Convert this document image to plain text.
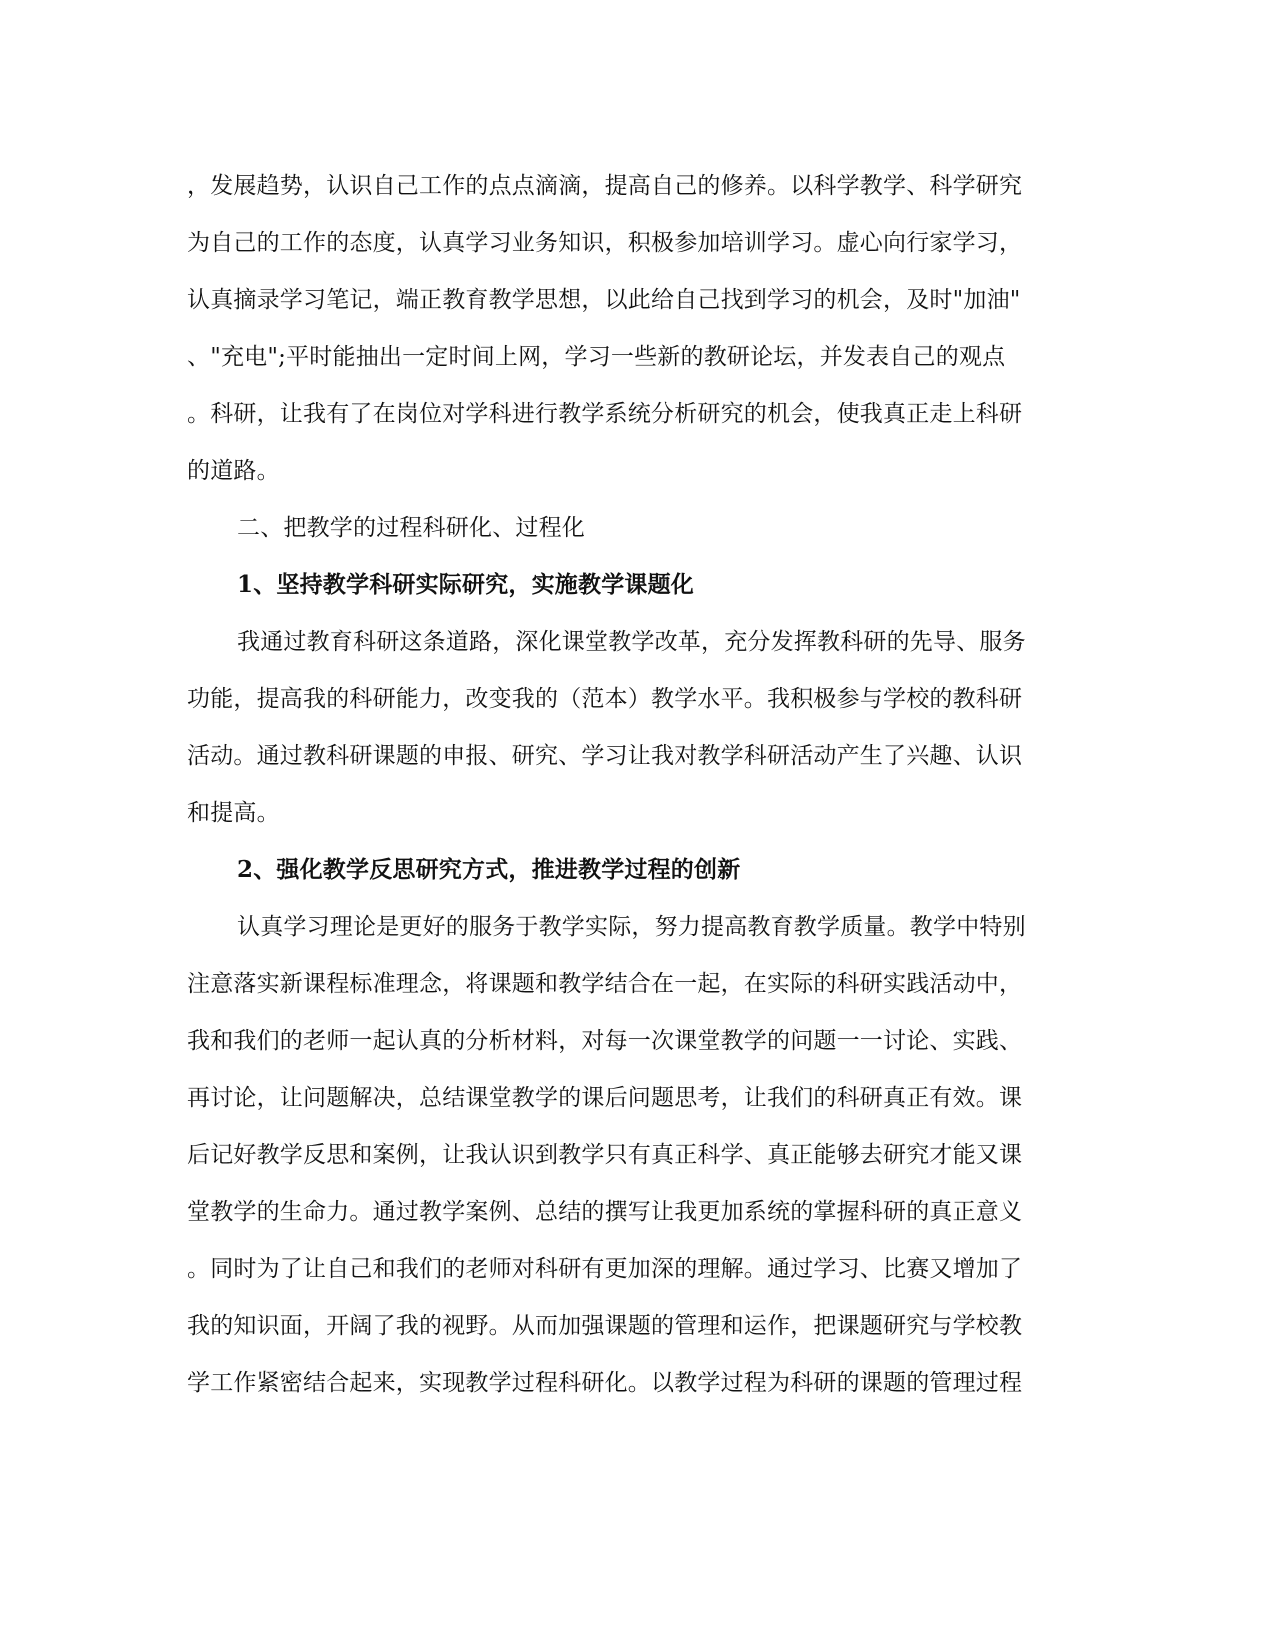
，发展趋势，认识自己工作的点点滴滴，提高自己的修养。以科学教学、科学研究
为自己的工作的态度，认真学习业务知识，积极参加培训学习。虚心向行家学习，
认真摘录学习笔记，端正教育教学思想，以此给自己找到学习的机会，及时"加油"
、"充电";平时能抽出一定时间上网，学习一些新的教研论坛，并发表自己的观点
。科研，让我有了在岗位对学科进行教学系统分析研究的机会，使我真正走上科研
的道路。
二、把教学的过程科研化、过程化
1、坚持教学科研实际研究，实施教学课题化
我通过教育科研这条道路，深化课堂教学改革，充分发挥教科研的先导、服务
功能，提高我的科研能力，改变我的（范本）教学水平。我积极参与学校的教科研
活动。通过教科研课题的申报、研究、学习让我对教学科研活动产生了兴趣、认识
和提高。
2、强化教学反思研究方式，推进教学过程的创新
认真学习理论是更好的服务于教学实际，努力提高教育教学质量。教学中特别
注意落实新课程标准理念，将课题和教学结合在一起，在实际的科研实践活动中，
我和我们的老师一起认真的分析材料，对每一次课堂教学的问题一一讨论、实践、
再讨论，让问题解决，总结课堂教学的课后问题思考，让我们的科研真正有效。课
后记好教学反思和案例，让我认识到教学只有真正科学、真正能够去研究才能又课
堂教学的生命力。通过教学案例、总结的撰写让我更加系统的掌握科研的真正意义
。同时为了让自己和我们的老师对科研有更加深的理解。通过学习、比赛又增加了
我的知识面，开阔了我的视野。从而加强课题的管理和运作，把课题研究与学校教
学工作紧密结合起来，实现教学过程科研化。以教学过程为科研的课题的管理过程
